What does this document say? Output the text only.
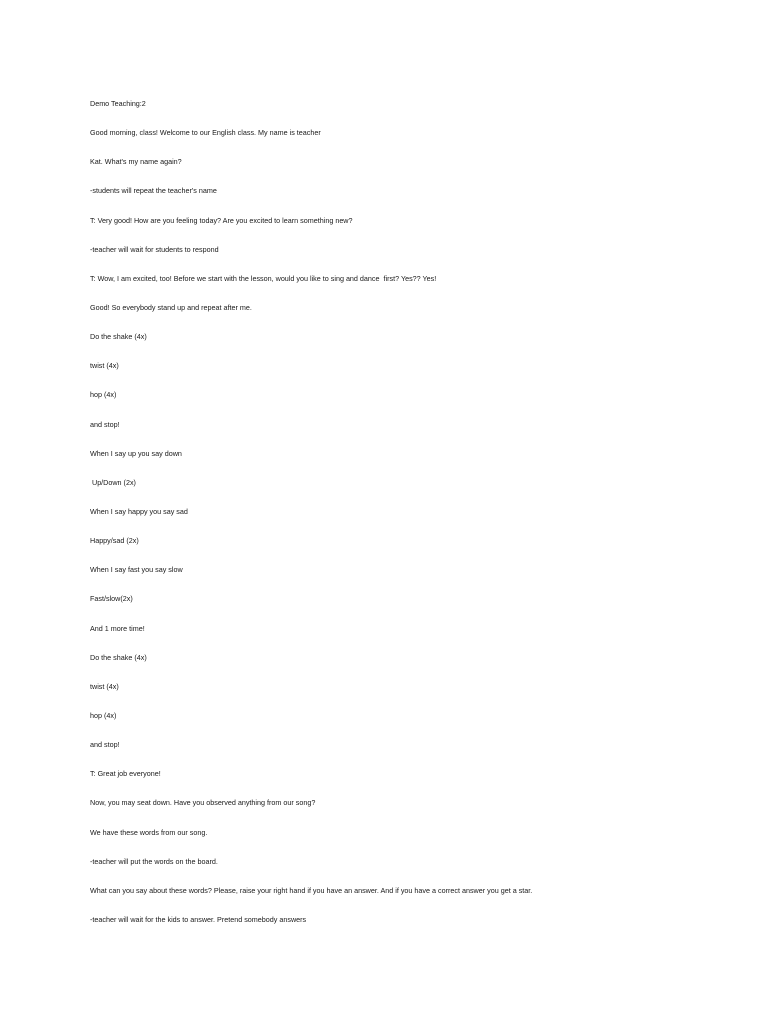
Demo Teaching:2
Good morning, class! Welcome to our English class. My name is teacher
Kat. What's my name again?
-students will repeat the teacher's name
T: Very good! How are you feeling today? Are you excited to learn something new?
-teacher will wait for students to respond
T: Wow, I am excited, too! Before we start with the lesson, would you like to sing and dance  first? Yes?? Yes!
Good! So everybody stand up and repeat after me.
Do the shake (4x)
twist (4x)
hop (4x)
and stop!
When I say up you say down
Up/Down (2x)
When I say happy you say sad
Happy/sad (2x)
When I say fast you say slow
Fast/slow(2x)
And 1 more time!
Do the shake (4x)
twist (4x)
hop (4x)
and stop!
T: Great job everyone!
Now, you may seat down. Have you observed anything from our song?
We have these words from our song.
-teacher will put the words on the board.
What can you say about these words? Please, raise your right hand if you have an answer. And if you have a correct answer you get a star.
-teacher will wait for the kids to answer. Pretend somebody answers
